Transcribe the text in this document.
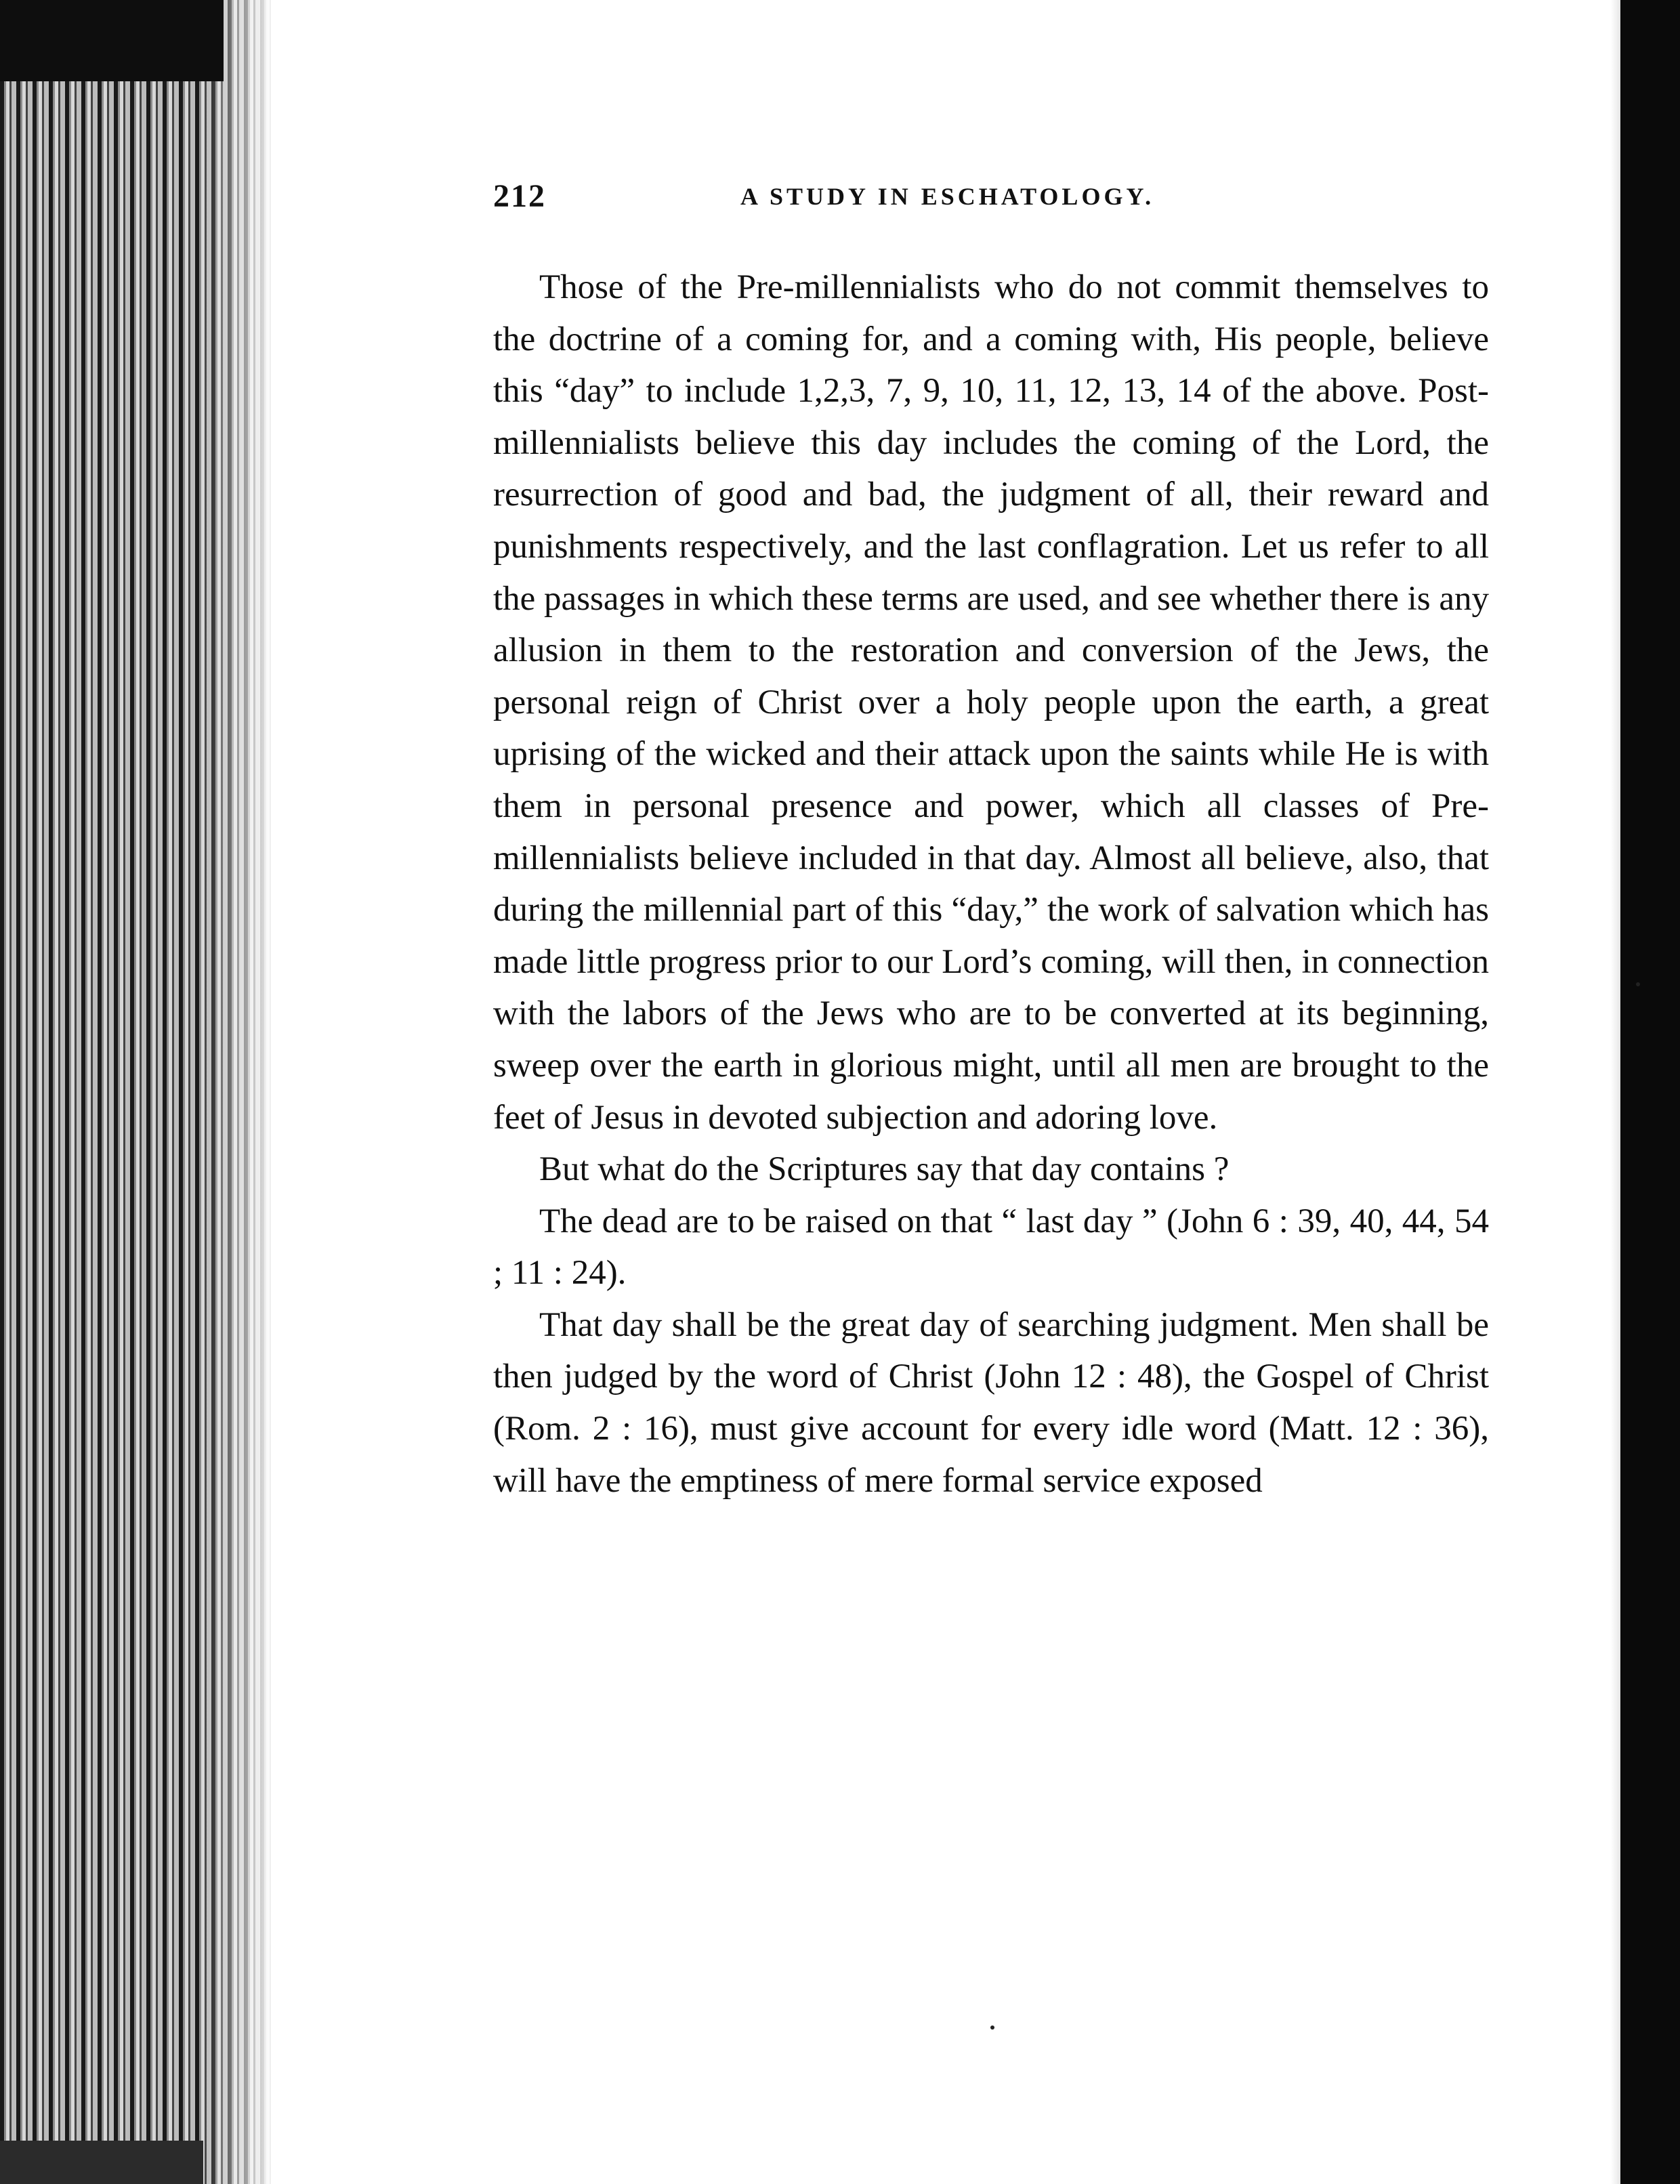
212	A STUDY IN ESCHATOLOGY.

Those of the Pre-millennialists who do not commit themselves to the doctrine of a coming for, and a coming with, His people, believe this “day” to include 1,2,3, 7, 9, 10, 11, 12, 13, 14 of the above. Post-millennialists believe this day includes the coming of the Lord, the resurrection of good and bad, the judgment of all, their reward and punishments respectively, and the last conflagration. Let us refer to all the passages in which these terms are used, and see whether there is any allusion in them to the restoration and conversion of the Jews, the personal reign of Christ over a holy people upon the earth, a great uprising of the wicked and their attack upon the saints while He is with them in personal presence and power, which all classes of Pre-millennialists believe included in that day. Almost all believe, also, that during the millennial part of this “day,” the work of salvation which has made little progress prior to our Lord’s coming, will then, in connection with the labors of the Jews who are to be converted at its beginning, sweep over the earth in glorious might, until all men are brought to the feet of Jesus in devoted subjection and adoring love.

But what do the Scriptures say that day contains ?

The dead are to be raised on that “ last day ” (John 6 : 39, 40, 44, 54 ; 11 : 24).

That day shall be the great day of searching judgment. Men shall be then judged by the word of Christ (John 12 : 48), the Gospel of Christ (Rom. 2 : 16), must give account for every idle word (Matt. 12 : 36), will have the emptiness of mere formal service exposed
